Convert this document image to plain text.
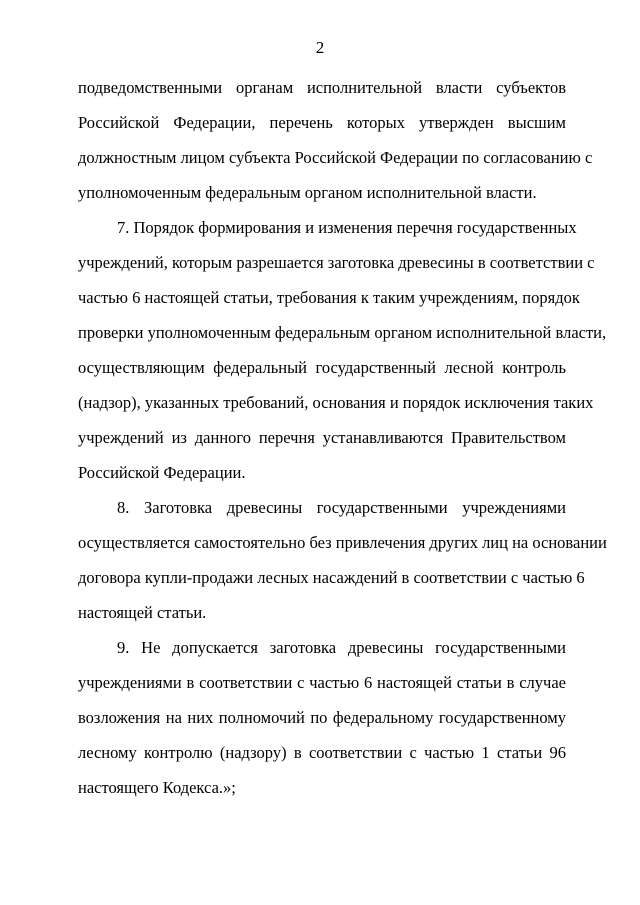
2
подведомственными органам исполнительной власти субъектов
Российской Федерации, перечень которых утвержден высшим
должностным лицом субъекта Российской Федерации по согласованию с
уполномоченным федеральным органом исполнительной власти.
7. Порядок формирования и изменения перечня государственных
учреждений, которым разрешается заготовка древесины в соответствии с
частью 6 настоящей статьи, требования к таким учреждениям, порядок
проверки уполномоченным федеральным органом исполнительной власти,
осуществляющим федеральный государственный лесной контроль
(надзор), указанных требований, основания и порядок исключения таких
учреждений из данного перечня устанавливаются Правительством
Российской Федерации.
8. Заготовка древесины государственными учреждениями
осуществляется самостоятельно без привлечения других лиц на основании
договора купли-продажи лесных насаждений в соответствии с частью 6
настоящей статьи.
9. Не допускается заготовка древесины государственными
учреждениями в соответствии с частью 6 настоящей статьи в случае
возложения на них полномочий по федеральному государственному
лесному контролю (надзору) в соответствии с частью 1 статьи 96
настоящего Кодекса.»;
